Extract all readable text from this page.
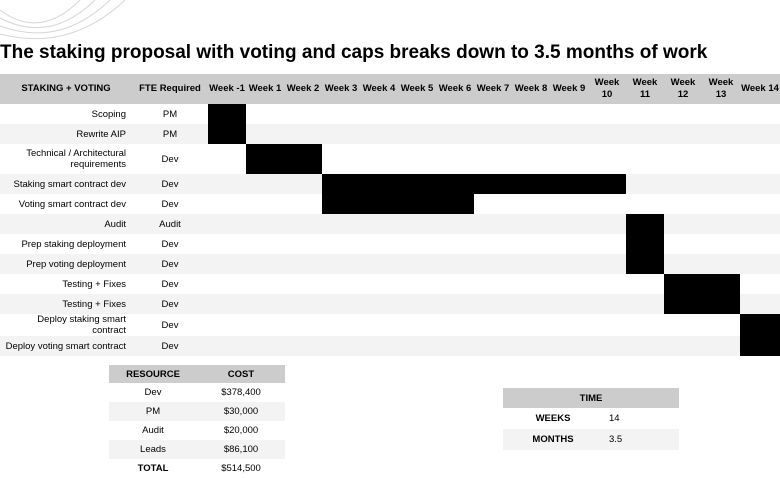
The staking proposal with voting and caps breaks down to 3.5 months of work
STAKING + VOTING	FTE Required	Week -1	Week 1	Week 2	Week 3	Week 4	Week 5	Week 6	Week 7	Week 8	Week 9	Week 10	Week 11	Week 12	Week 13	Week 14
Scoping	PM															
Rewrite AIP	PM															
Technical / Architectural requirements	Dev															
Staking smart contract dev	Dev															
Voting smart contract dev	Dev															
Audit	Audit															
Prep staking deployment	Dev															
Prep voting deployment	Dev															
Testing + Fixes	Dev															
Testing + Fixes	Dev															
Deploy staking smart contract	Dev															
Deploy voting smart contract	Dev															
RESOURCE	COST
Dev	$378,400
PM	$30,000
Audit	$20,000
Leads	$86,100
TOTAL	$514,500
TIME	
WEEKS	14
MONTHS	3.5
